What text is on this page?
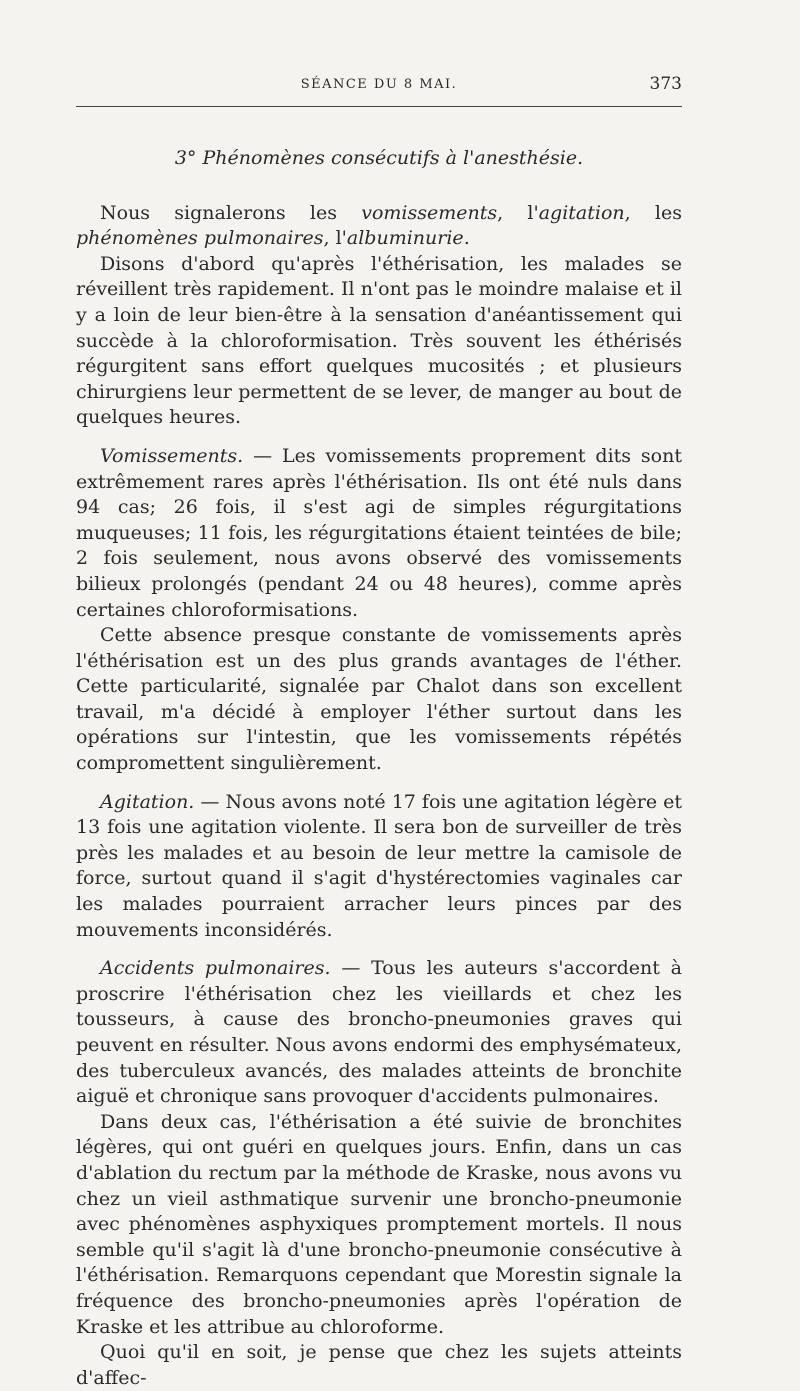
SÉANCE DU 8 MAI.	373
3° Phénomènes consécutifs à l'anesthésie.

Nous signalerons les vomissements, l'agitation, les phénomènes pulmonaires, l'albuminurie.

Disons d'abord qu'après l'éthérisation, les malades se réveillent très rapidement. Il n'ont pas le moindre malaise et il y a loin de leur bien-être à la sensation d'anéantissement qui succède à la chloroformisation. Très souvent les éthérisés régurgitent sans effort quelques mucosités ; et plusieurs chirurgiens leur permettent de se lever, de manger au bout de quelques heures.

Vomissements. — Les vomissements proprement dits sont extrêmement rares après l'éthérisation. Ils ont été nuls dans 94 cas; 26 fois, il s'est agi de simples régurgitations muqueuses; 11 fois, les régurgitations étaient teintées de bile; 2 fois seulement, nous avons observé des vomissements bilieux prolongés (pendant 24 ou 48 heures), comme après certaines chloroformisations.

Cette absence presque constante de vomissements après l'éthérisation est un des plus grands avantages de l'éther. Cette particularité, signalée par Chalot dans son excellent travail, m'a décidé à employer l'éther surtout dans les opérations sur l'intestin, que les vomissements répétés compromettent singulièrement.

Agitation. — Nous avons noté 17 fois une agitation légère et 13 fois une agitation violente. Il sera bon de surveiller de très près les malades et au besoin de leur mettre la camisole de force, surtout quand il s'agit d'hystérectomies vaginales car les malades pourraient arracher leurs pinces par des mouvements inconsidérés.

Accidents pulmonaires. — Tous les auteurs s'accordent à proscrire l'éthérisation chez les vieillards et chez les tousseurs, à cause des broncho-pneumonies graves qui peuvent en résulter. Nous avons endormi des emphysémateux, des tuberculeux avancés, des malades atteints de bronchite aiguë et chronique sans provoquer d'accidents pulmonaires.

Dans deux cas, l'éthérisation a été suivie de bronchites légères, qui ont guéri en quelques jours. Enfin, dans un cas d'ablation du rectum par la méthode de Kraske, nous avons vu chez un vieil asthmatique survenir une broncho-pneumonie avec phénomènes asphyxiques promptement mortels. Il nous semble qu'il s'agit là d'une broncho-pneumonie consécutive à l'éthérisation. Remarquons cependant que Morestin signale la fréquence des broncho-pneumonies après l'opération de Kraske et les attribue au chloroforme.

Quoi qu'il en soit, je pense que chez les sujets atteints d'affec-
